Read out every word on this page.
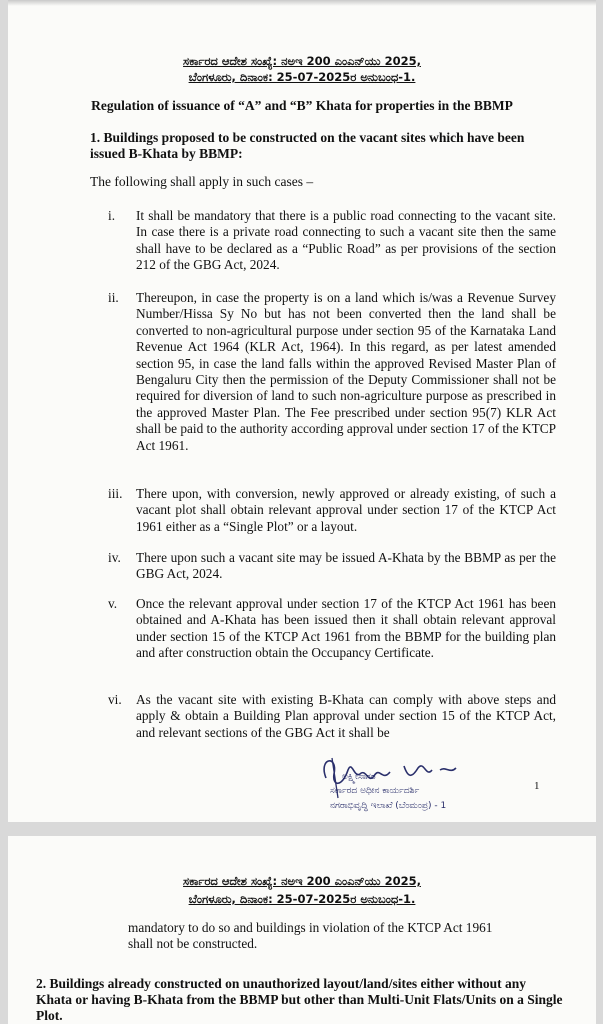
ಸರ್ಕಾರದ ಆದೇಶ ಸಂಖ್ಯೆ: ನಅಇ 200 ಎಂಎನ್‌ಯು 2025,
ಬೆಂಗಳೂರು, ದಿನಾಂಕ: 25-07-2025ರ ಅನುಬಂಧ-1.
Regulation of issuance of “A” and “B” Khata for properties in the BBMP
1. Buildings proposed to be constructed on the vacant sites which have been issued B-Khata by BBMP:
The following shall apply in such cases –
i. It shall be mandatory that there is a public road connecting to the vacant site. In case there is a private road connecting to such a vacant site then the same shall have to be declared as a “Public Road” as per provisions of the section 212 of the GBG Act, 2024.
ii. Thereupon, in case the property is on a land which is/was a Revenue Survey Number/Hissa Sy No but has not been converted then the land shall be converted to non-agricultural purpose under section 95 of the Karnataka Land Revenue Act 1964 (KLR Act, 1964). In this regard, as per latest amended section 95, in case the land falls within the approved Revised Master Plan of Bengaluru City then the permission of the Deputy Commissioner shall not be required for diversion of land to such non-agriculture purpose as prescribed in the approved Master Plan. The Fee prescribed under section 95(7) KLR Act shall be paid to the authority according approval under section 17 of the KTCP Act 1961.
iii. There upon, with conversion, newly approved or already existing, of such a vacant plot shall obtain relevant approval under section 17 of the KTCP Act 1961 either as a “Single Plot” or a layout.
iv. There upon such a vacant site may be issued A-Khata by the BBMP as per the GBG Act, 2024.
v. Once the relevant approval under section 17 of the KTCP Act 1961 has been obtained and A-Khata has been issued then it shall obtain relevant approval under section 15 of the KTCP Act 1961 from the BBMP for the building plan and after construction obtain the Occupancy Certificate.
vi. As the vacant site with existing B-Khata can comply with above steps and apply & obtain a Building Plan approval under section 15 of the KTCP Act, and relevant sections of the GBG Act it shall be
ಲಕ್ಷ್ಮೀಸಾಗರ
ಸರ್ಕಾರದ ಅಧೀನ ಕಾರ್ಯದರ್ಶಿ
ನಗರಾಭಿವೃದ್ಧಿ ಇಲಾಖೆ (ಬೆಂಮಂಪ್ರ) - 1
1
ಸರ್ಕಾರದ ಆದೇಶ ಸಂಖ್ಯೆ: ನಅಇ 200 ಎಂಎನ್‌ಯು 2025,
ಬೆಂಗಳೂರು, ದಿನಾಂಕ: 25-07-2025ರ ಅನುಬಂಧ-1.
mandatory to do so and buildings in violation of the KTCP Act 1961 shall not be constructed.
2. Buildings already constructed on unauthorized layout/land/sites either without any Khata or having B-Khata from the BBMP but other than Multi-Unit Flats/Units on a Single Plot.
